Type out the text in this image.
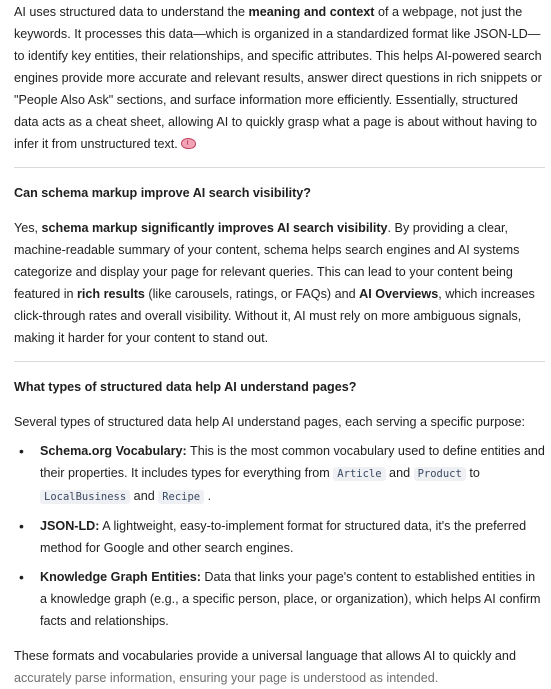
AI uses structured data to understand the meaning and context of a webpage, not just the keywords. It processes this data—which is organized in a standardized format like JSON-LD—to identify key entities, their relationships, and specific attributes. This helps AI-powered search engines provide more accurate and relevant results, answer direct questions in rich snippets or "People Also Ask" sections, and surface information more efficiently. Essentially, structured data acts as a cheat sheet, allowing AI to quickly grasp what a page is about without having to infer it from unstructured text.

Can schema markup improve AI search visibility?

Yes, schema markup significantly improves AI search visibility. By providing a clear, machine-readable summary of your content, schema helps search engines and AI systems categorize and display your page for relevant queries. This can lead to your content being featured in rich results (like carousels, ratings, or FAQs) and AI Overviews, which increases click-through rates and overall visibility. Without it, AI must rely on more ambiguous signals, making it harder for your content to stand out.

What types of structured data help AI understand pages?

Several types of structured data help AI understand pages, each serving a specific purpose:

• Schema.org Vocabulary: This is the most common vocabulary used to define entities and their properties. It includes types for everything from Article and Product to LocalBusiness and Recipe .
• JSON-LD: A lightweight, easy-to-implement format for structured data, it's the preferred method for Google and other search engines.
• Knowledge Graph Entities: Data that links your page's content to established entities in a knowledge graph (e.g., a specific person, place, or organization), which helps AI confirm facts and relationships.

These formats and vocabularies provide a universal language that allows AI to quickly and
accurately parse information, ensuring your page is understood as intended.
